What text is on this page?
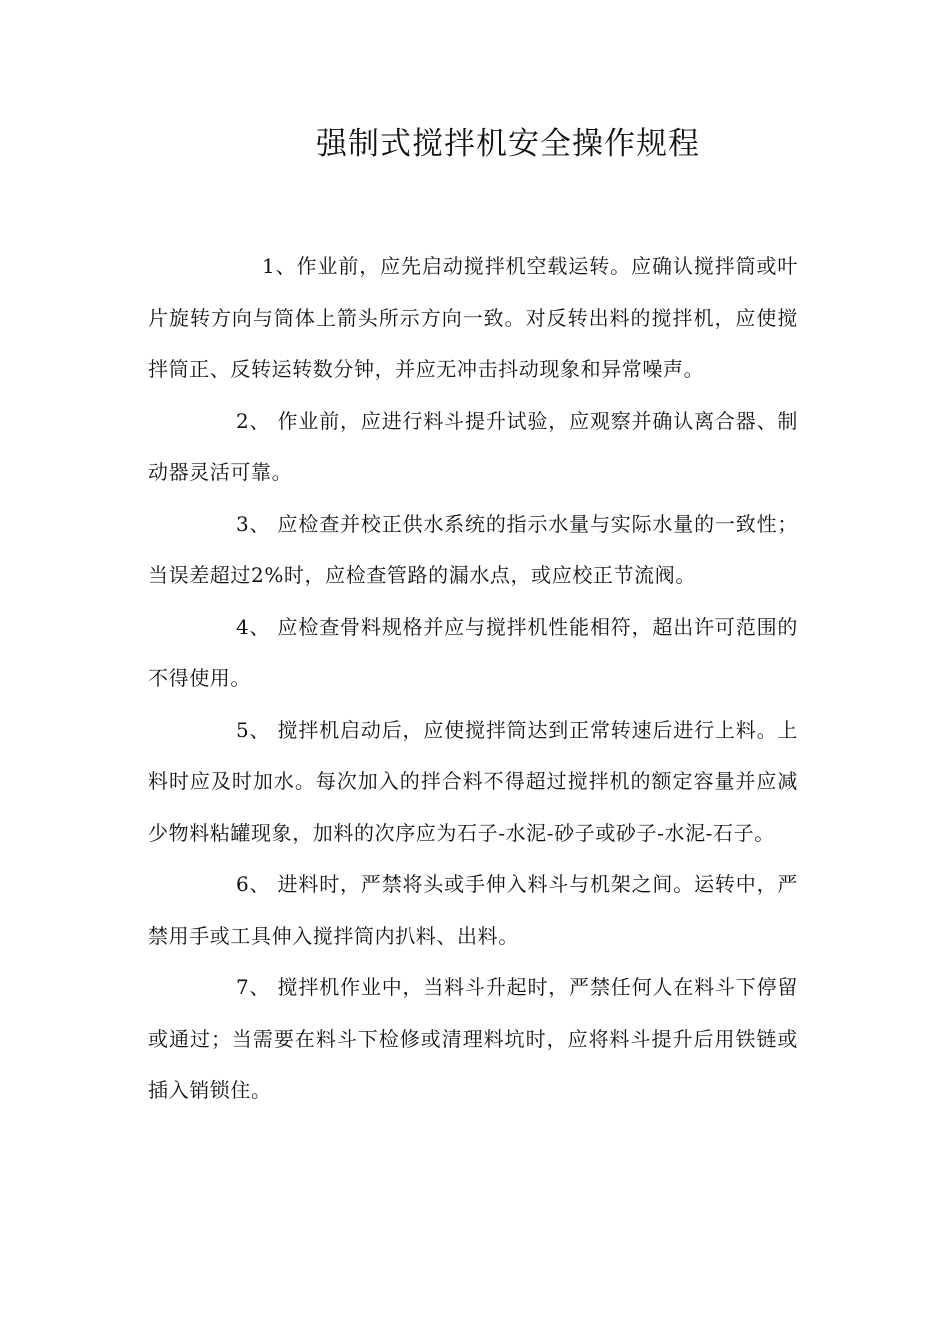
强制式搅拌机安全操作规程

1、作业前，应先启动搅拌机空载运转。应确认搅拌筒或叶片旋转方向与筒体上箭头所示方向一致。对反转出料的搅拌机，应使搅拌筒正、反转运转数分钟，并应无冲击抖动现象和异常噪声。

2、 作业前，应进行料斗提升试验，应观察并确认离合器、制动器灵活可靠。

3、 应检查并校正供水系统的指示水量与实际水量的一致性；当误差超过2%时，应检查管路的漏水点，或应校正节流阀。

4、 应检查骨料规格并应与搅拌机性能相符，超出许可范围的不得使用。

5、 搅拌机启动后，应使搅拌筒达到正常转速后进行上料。上料时应及时加水。每次加入的拌合料不得超过搅拌机的额定容量并应减少物料粘罐现象，加料的次序应为石子-水泥-砂子或砂子-水泥-石子。

6、 进料时，严禁将头或手伸入料斗与机架之间。运转中，严禁用手或工具伸入搅拌筒内扒料、出料。

7、 搅拌机作业中，当料斗升起时，严禁任何人在料斗下停留或通过；当需要在料斗下检修或清理料坑时，应将料斗提升后用铁链或插入销锁住。
